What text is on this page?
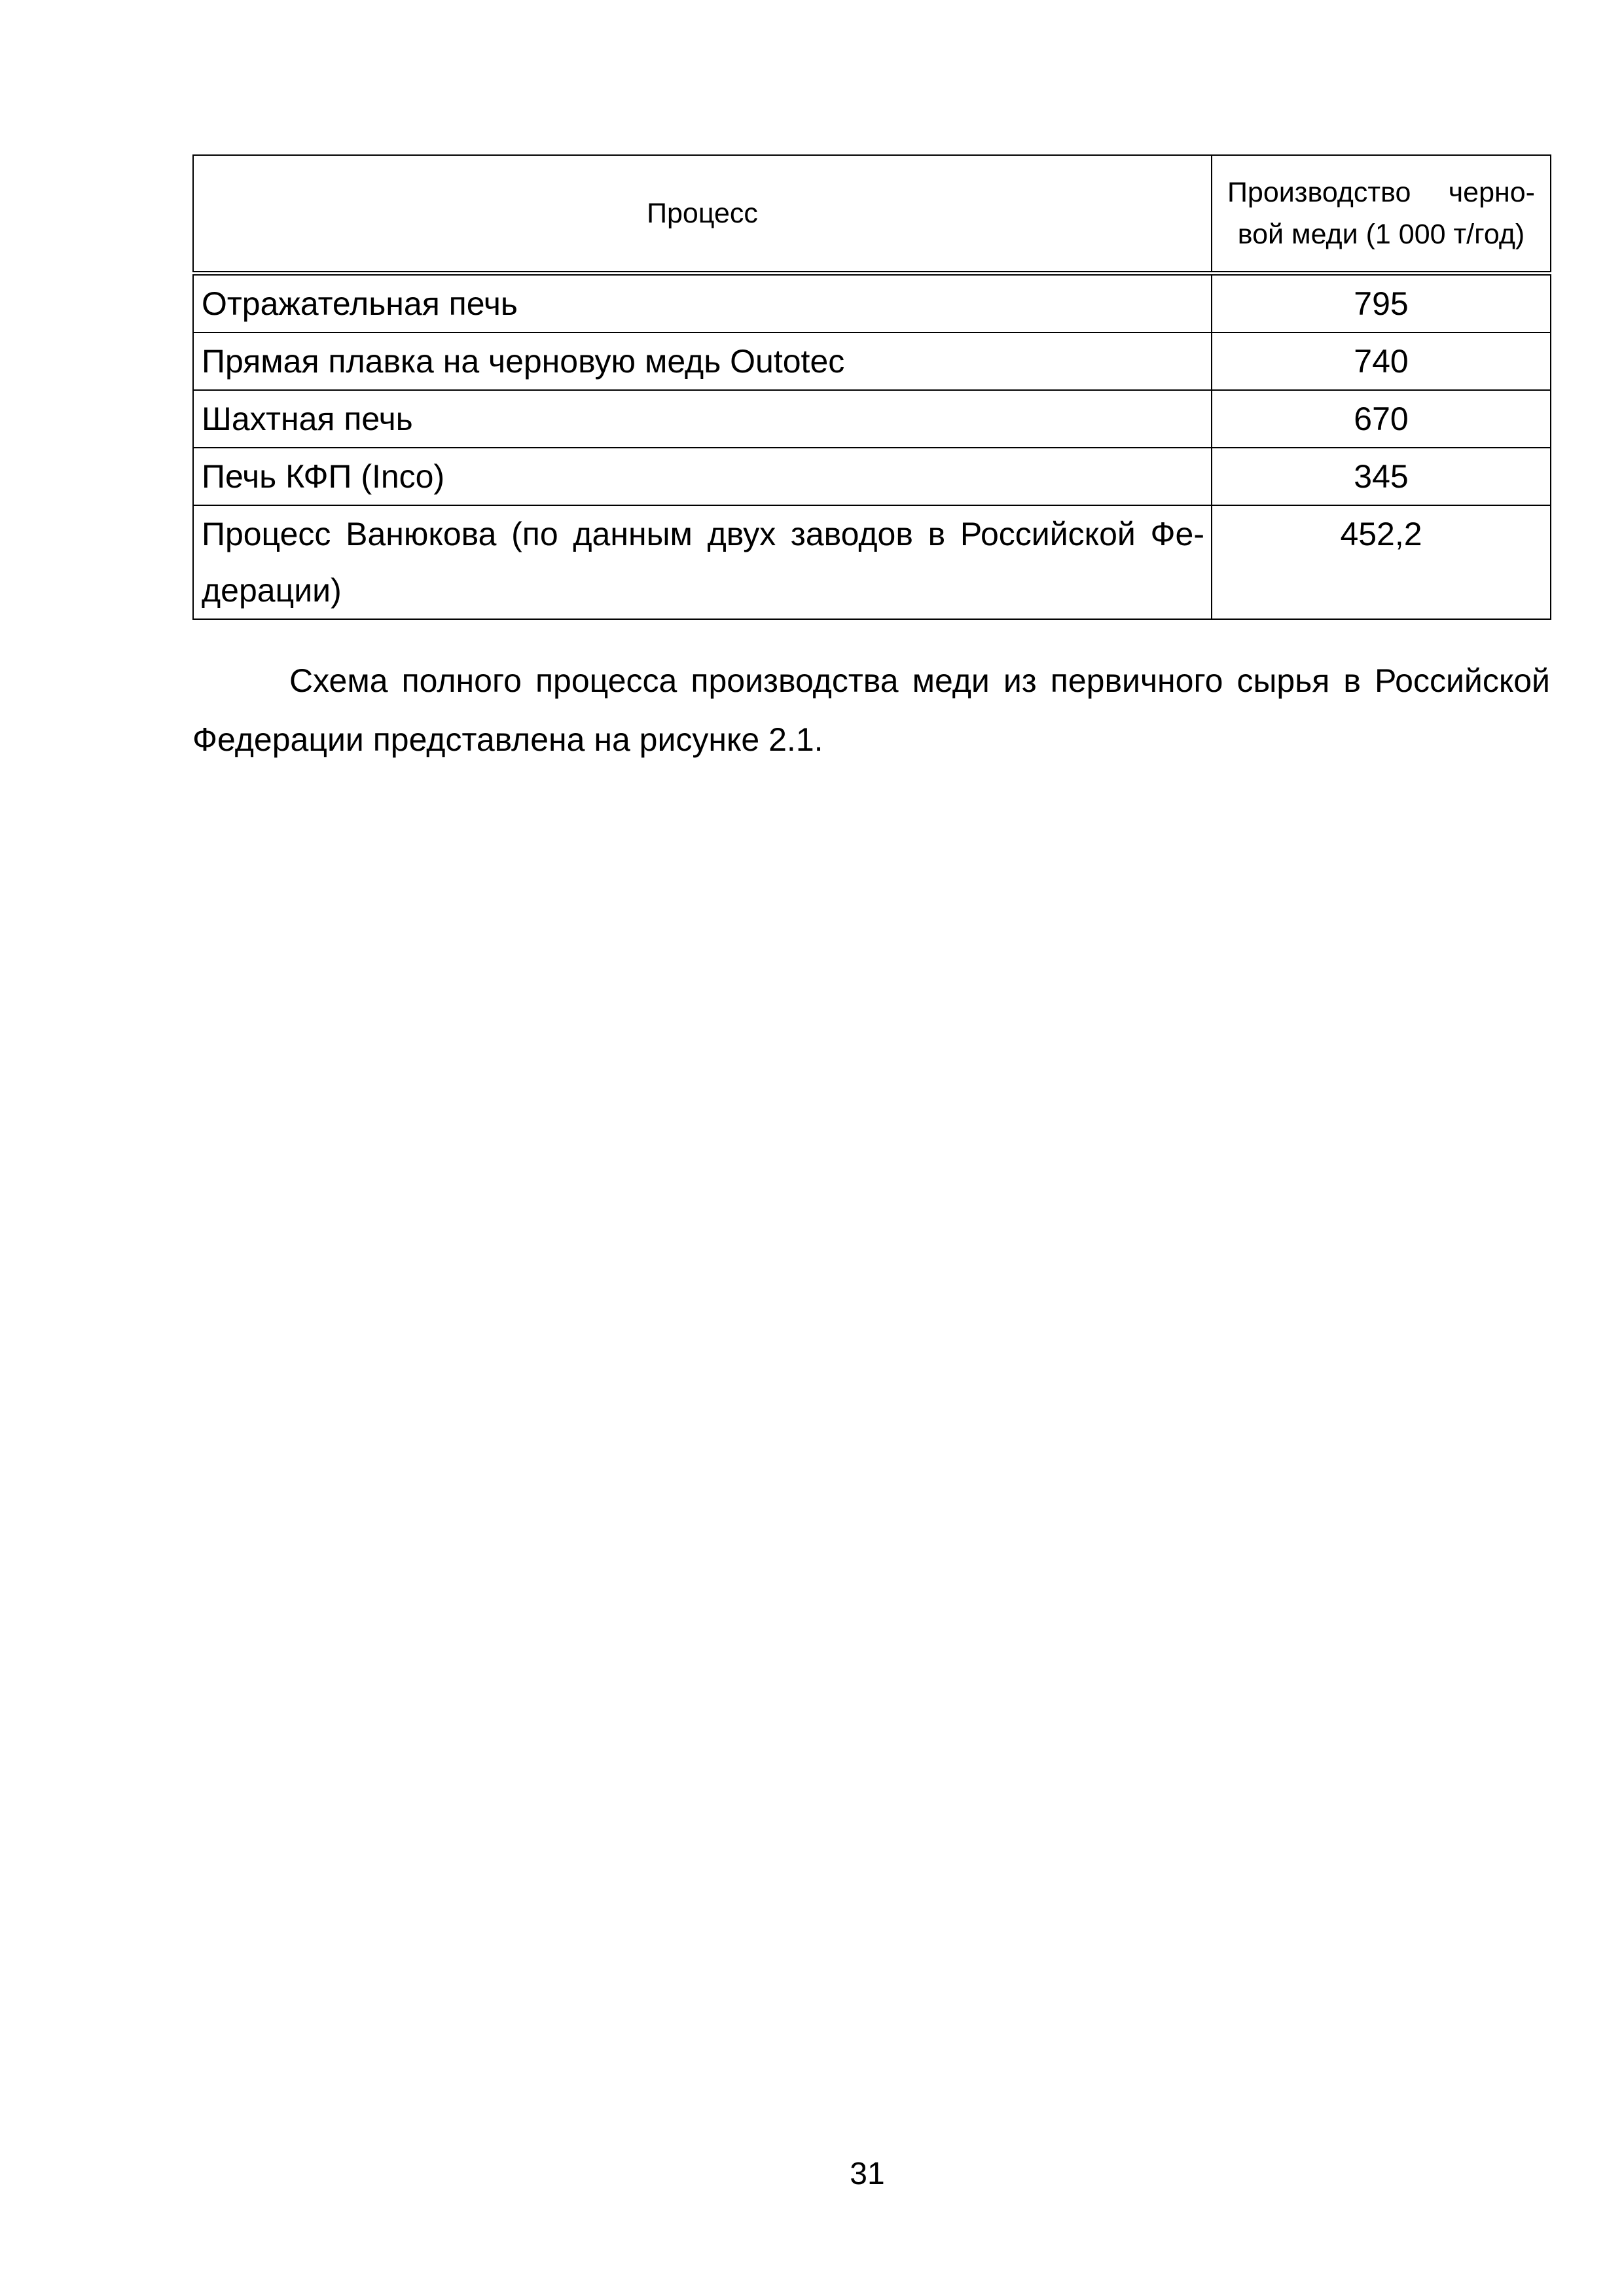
Процесс	Производство черно-вой меди (1 000 т/год)

Отражательная печь	795
Прямая плавка на черновую медь Outotec	740
Шахтная печь	670
Печь КФП (Inco)	345
Процесс Ванюкова (по данным двух заводов в Российской Фе-дерации)	452,2

Схема полного процесса производства меди из первичного сырья в Российской Федерации представлена на рисунке 2.1.

31
